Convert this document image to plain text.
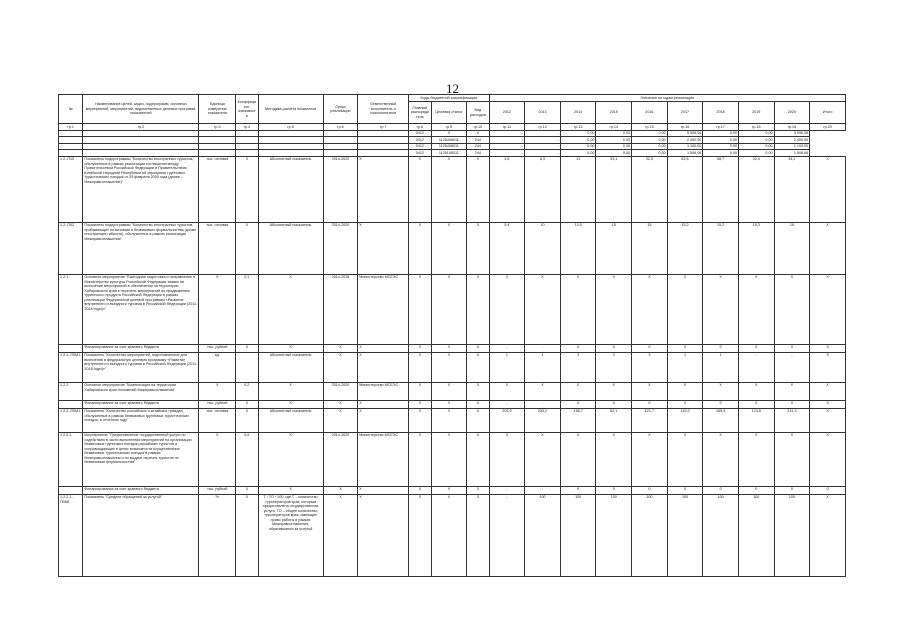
12
№	Наименование целей, задач, подпрограмм, основных мероприятий, мероприятий, ведомственных целевых программ, показателей	Единица измерения показателя	Коэффициент значимости	Методика расчета показателя	Сроки реализации	Ответственный исполнитель и соисполнители	Коды бюджетной классификации			Значения по годам реализации									
							Главный распорядитель	Целевая статья	Вид расходов	2012	2013	2014	2015	2016	2017	2018	2019	2020	Итого
гр.1	гр.2	гр.3	гр.4	гр.5	гр.6	гр.7	гр.8	гр.9	гр.10	гр.11	гр.12	гр.13	гр.14	гр.15	гр.16	гр.17	гр.18	гр.19	гр.20
							0412	X	X	-	-	0,00	0,00	0,00	5 006,06	0,00	0,00	5 006,06	
							0412	1126408011	244	-	-	0,00	0,00	0,00	2 400,00	0,00	0,00	2 400,00	
							0412	1126408011	244	-	-	0,00	0,00	0,00	1 100,00	0,00	0,00	1 100,00	
							0412	1125108011	244	-	-	0,00	0,00	0,00	1 506,06	0,00	0,00	1 506,06	
1.2.-П10	Показатель подпрограммы "Количество иностранных туристов, обслуженных в рамках реализации соглашения между Правительством Российской Федерации и Правительством Китайской Народной Республики об упрощении групповых туристических поездок от 29 февраля 2000 года (далее – Межправсоглашение)"	тыс. человек	X	Абсолютный показатель	2014-2020	X	X	X	X	4,6	6,3	13	33,1	32,5	62,6	58,7	32,4	34,1	X
1.2.-П02	Показатель подпрограммы "Количество иностранных туристов, прибывающих по визовым и безвизовым формальностям (кроме иностранцев гибкости), обслуженных в рамках реализации Межправсоглашения"	тыс. человек	X	Абсолютный показатель	2014-2020	X	X	X	X	5,4	10	14,5	15	15	15,2	15,2	15,3	16	X
1.2.1.	Основное мероприятие "Ежегодная подготовка и направление в Министерство культуры Российской Федерации заявки на включение мероприятий в обеспечения на территории Хабаровского края в перечень мероприятий по продвижению туристского продукта Российской Федерации в рамках реализации Федеральной целевой программы «Развитие внутреннего и въездного туризма в Российской Федерации (2011-2018 годы)»"	X	0,1	X	2014-2018	Министерство МСЕЭС	X	X	X	X	X	X	X	X	X	X	X	X	X
	Финансирование за счет краевого бюджета	тыс. рублей	X	X	X	X	X	X	X	-	-	0	0	0	0	0	0	0	0
1.2.1.-П0М1	Показатель "Количество мероприятий, подготовленных для включения в федеральную целевую программу «Развитие внутреннего и въездного туризма в Российской Федерации (2011-2018 годы)»"	ед.		Абсолютный показатель	X	X	X	X	X	1	1	3	3	3	1	1	-	-	9
1.2.2.	Основное мероприятие "Компенсация на территории Хабаровского края положений Межправсоглашения"	X	0,2	X	2014-2020	Министерство МСЕЭС	X	X	X	X	X	X	X	X	X	X	X	X	X
	Финансирование за счет краевого бюджета	тыс. рублей	X	X	X	X	X	X	X	-	-	0	0	0	0	0	0	0	0
1.2.2.-П0М1	Показатель "Количество российских и китайских граждан, обслуженных в рамках безвизовых групповых туристических поездок, в отчетном году"	тыс. человек	X	Абсолютный показатель	X	X	X	X	X	203,9	203,2	158,7	62,1	121,7	142,0	165,9	174,6	231,3	X
1.2.2.1.	Мероприятие "Предоставление государственной услуги по содействию в части выполнения мероприятий по организации безвизовых групповых поездок российских туристов и сопровождающих в целях возможности осуществления безвизовых туристических поездок в рамках Межправсоглашения и по выдаче перечня туристов по безвизовым формальностям"	X	0,5	X	2014-2020	Министерство МСЕЭС	X	X	X	X	X	X	X	X	X	X	X	X	X
	Финансирование за счет краевого бюджета	тыс. рублей	X	X	X	X	X	X	X	-	-	0	0	0	0	0	0	0	0
1.2.2.1.-П0М1	Показатель "Среднее обращений за услугой"	%	X	Т / ТО * 100, где Т – количество туроператоров края, которым предоставлена государственная услуга, ТО – общее количество туроператоров края, имеющих право работы в рамках Межправсоглашения, обратившихся за услугой	X	X	X	X	X	-	100	100	100	100	100	100	100	100	X
